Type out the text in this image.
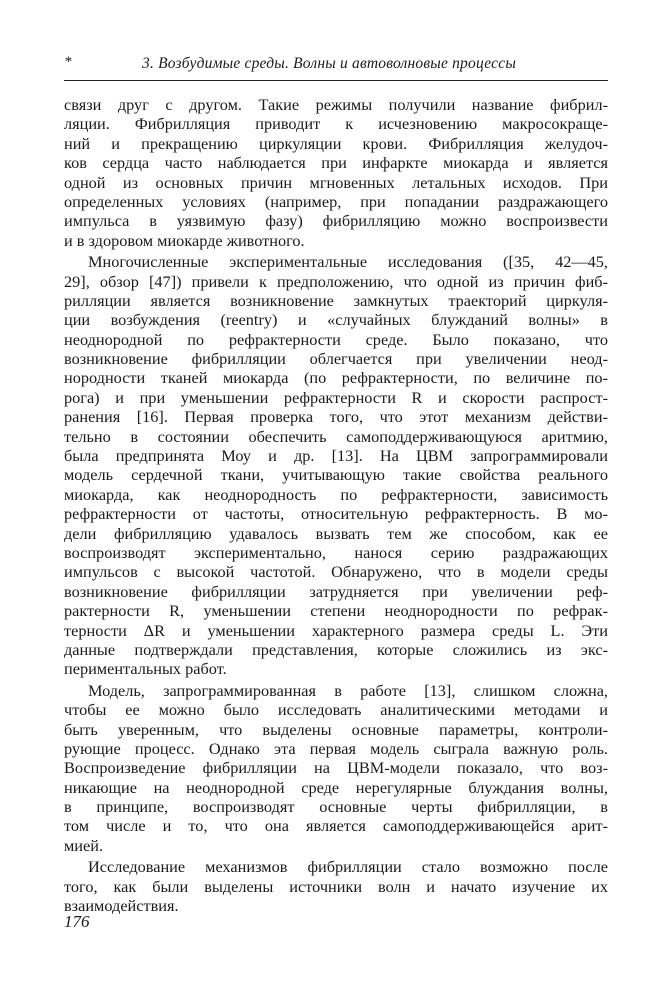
*	3. Возбудимые среды. Волны и автоволновые процессы
связи друг с другом. Такие режимы получили название фибрил-
ляции. Фибрилляция приводит к исчезновению макросокраще-
ний и прекращению циркуляции крови. Фибрилляция желудоч-
ков сердца часто наблюдается при инфаркте миокарда и является
одной из основных причин мгновенных летальных исходов. При
определенных условиях (например, при попадании раздражающего
импульса в уязвимую фазу) фибрилляцию можно воспроизвести
и в здоровом миокарде животного.
Многочисленные экспериментальные исследования ([35, 42—45,
29], обзор [47]) привели к предположению, что одной из причин фиб-
рилляции является возникновение замкнутых траекторий циркуля-
ции возбуждения (reentry) и «случайных блужданий волны» в
неоднородной по рефрактерности среде. Было показано, что
возникновение фибрилляции облегчается при увеличении неод-
нородности тканей миокарда (по рефрактерности, по величине по-
рога) и при уменьшении рефрактерности R и скорости распрост-
ранения [16]. Первая проверка того, что этот механизм действи-
тельно в состоянии обеспечить самоподдерживающуюся аритмию,
была предпринята Моу и др. [13]. На ЦВМ запрограммировали
модель сердечной ткани, учитывающую такие свойства реального
миокарда, как неоднородность по рефрактерности, зависимость
рефрактерности от частоты, относительную рефрактерность. В мо-
дели фибрилляцию удавалось вызвать тем же способом, как ее
воспроизводят экспериментально, нанося серию раздражающих
импульсов с высокой частотой. Обнаружено, что в модели среды
возникновение фибрилляции затрудняется при увеличении реф-
рактерности R, уменьшении степени неоднородности по рефрак-
терности ΔR и уменьшении характерного размера среды L. Эти
данные подтверждали представления, которые сложились из экс-
периментальных работ.
Модель, запрограммированная в работе [13], слишком сложна,
чтобы ее можно было исследовать аналитическими методами и
быть уверенным, что выделены основные параметры, контроли-
рующие процесс. Однако эта первая модель сыграла важную роль.
Воспроизведение фибрилляции на ЦВМ-модели показало, что воз-
никающие на неоднородной среде нерегулярные блуждания волны,
в принципе, воспроизводят основные черты фибрилляции, в
том числе и то, что она является самоподдерживающейся арит-
мией.
Исследование механизмов фибрилляции стало возможно после
того, как были выделены источники волн и начато изучение их
взаимодействия.
176
